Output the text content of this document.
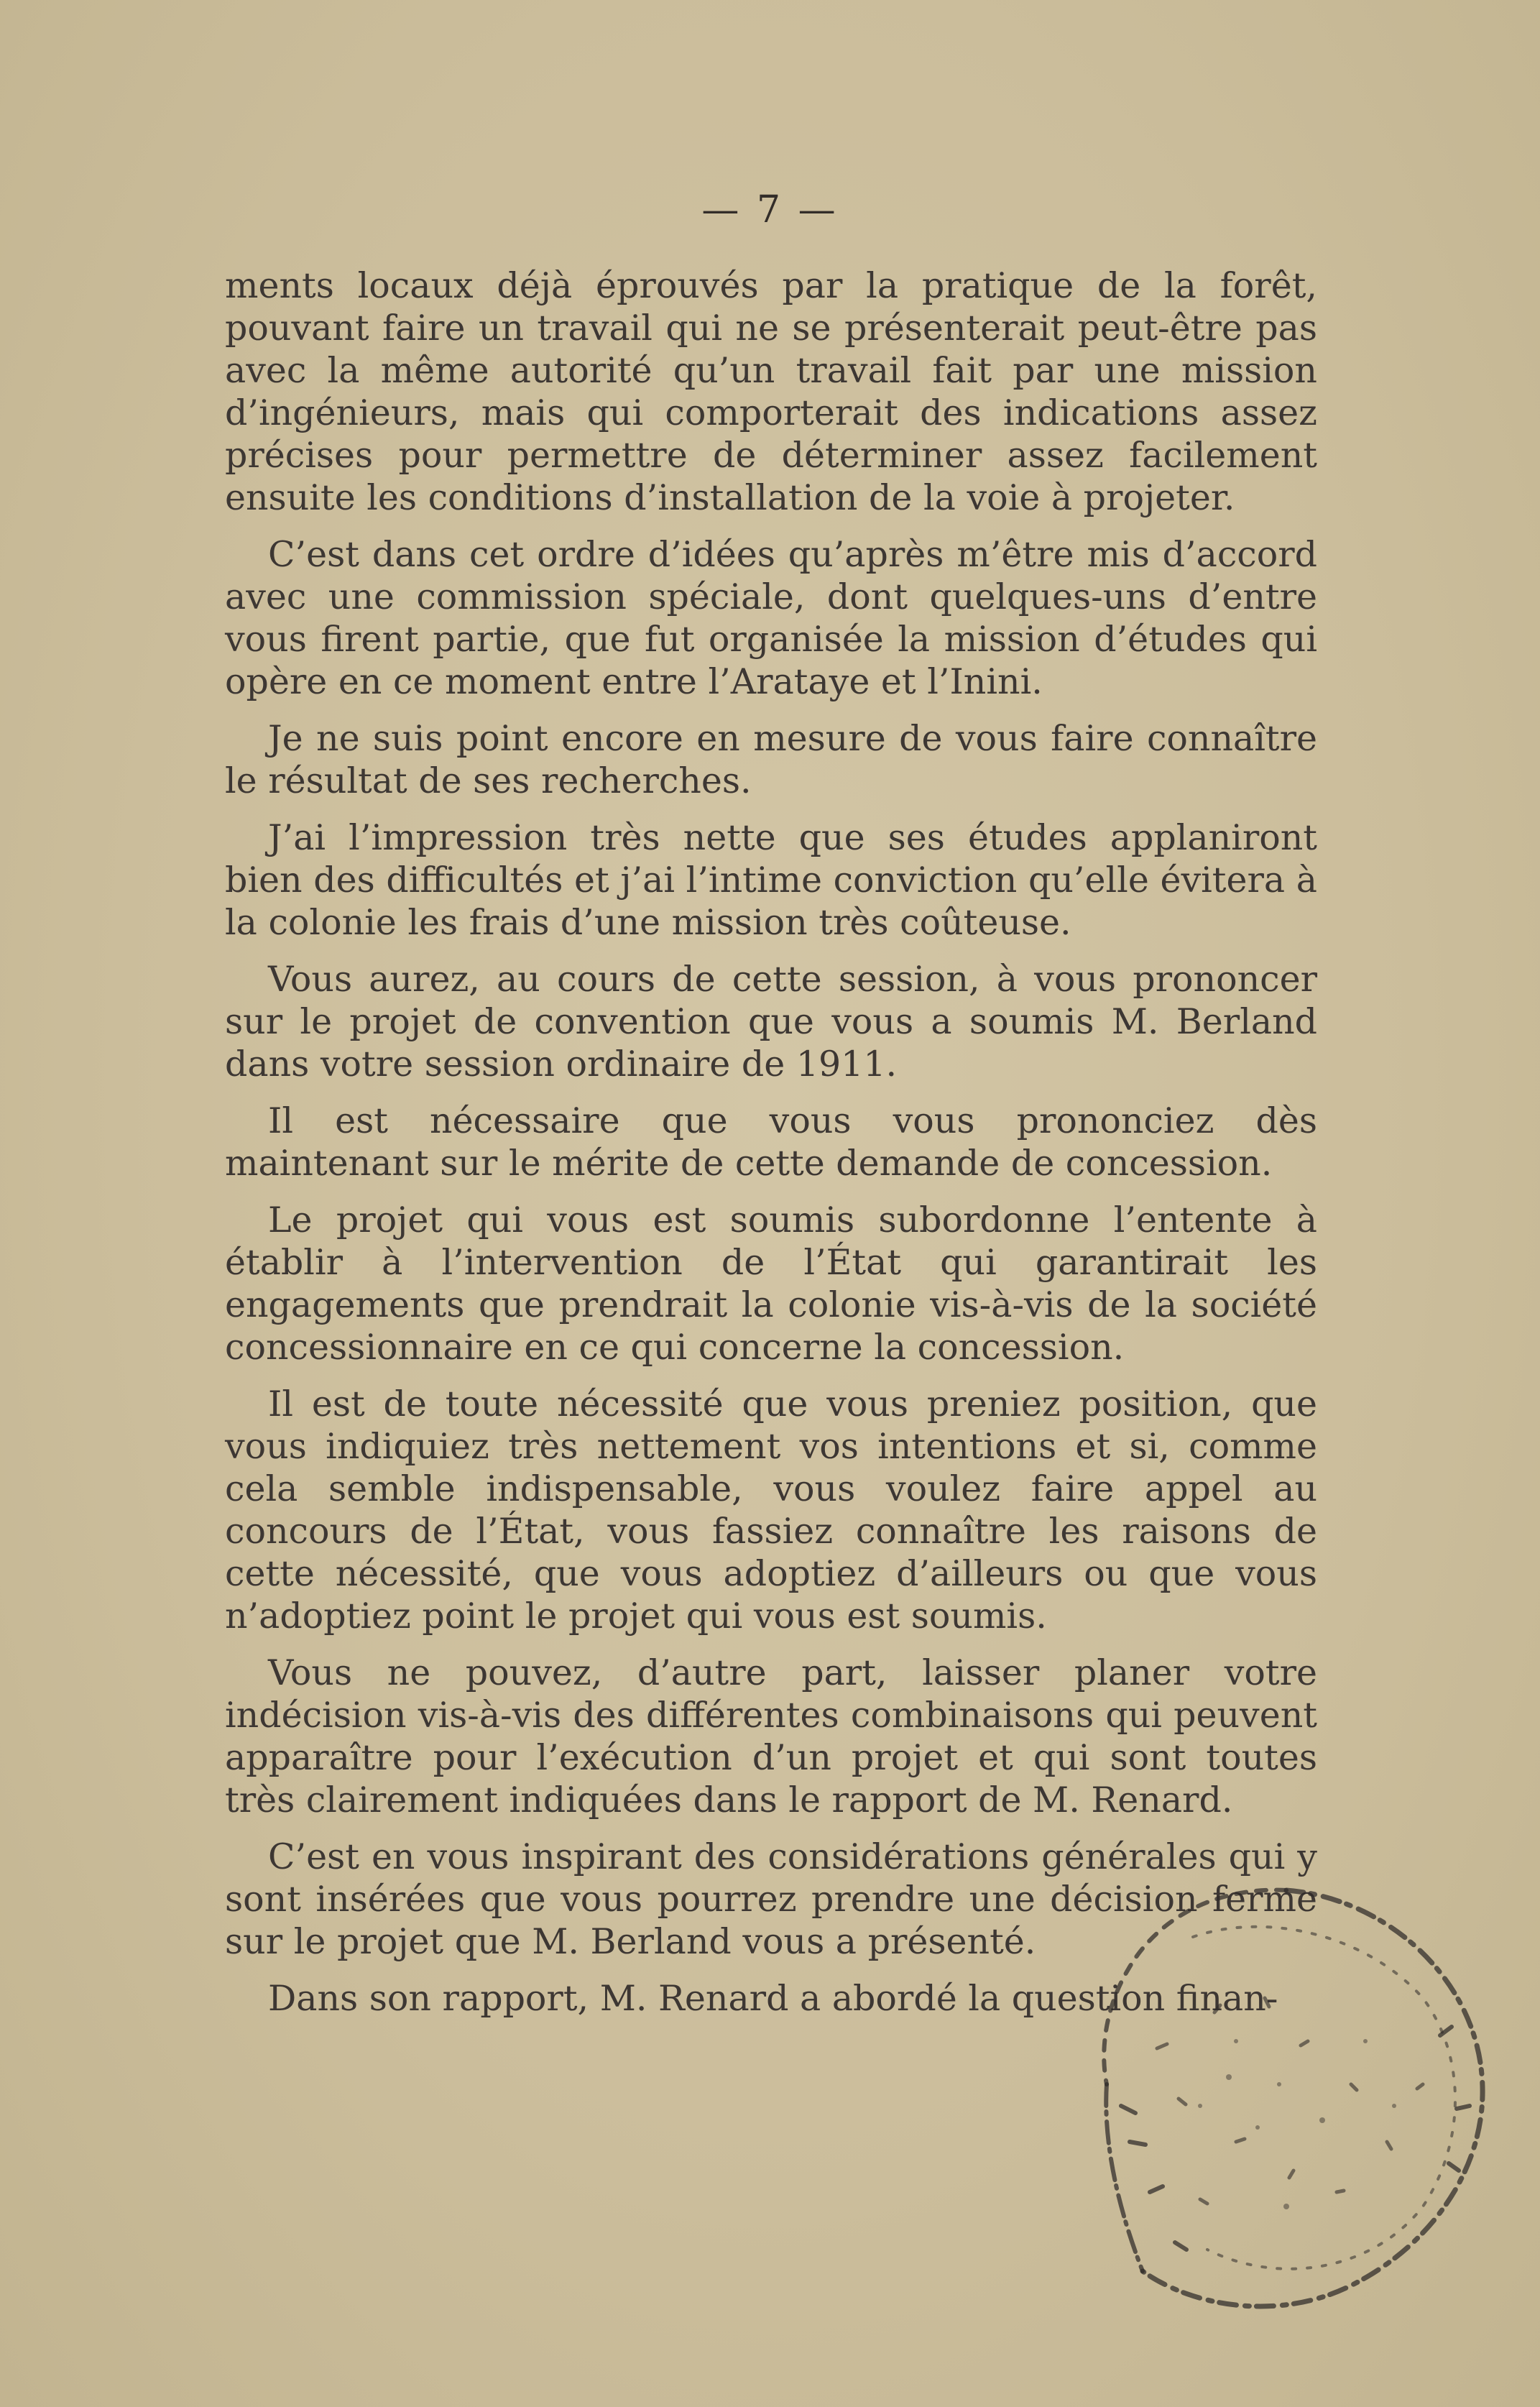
— 7 —

ments locaux déjà éprouvés par la pratique de la forêt, pouvant faire un travail qui ne se présenterait peut-être pas avec la même autorité qu’un travail fait par une mission d’ingénieurs, mais qui comporterait des indications assez précises pour permettre de déterminer assez facilement ensuite les conditions d’installation de la voie à projeter.

C’est dans cet ordre d’idées qu’après m’être mis d’accord avec une commission spéciale, dont quelques-uns d’entre vous firent partie, que fut organisée la mission d’études qui opère en ce moment entre l’Arataye et l’Inini.

Je ne suis point encore en mesure de vous faire connaître le résultat de ses recherches.

J’ai l’impression très nette que ses études applaniront bien des difficultés et j’ai l’intime conviction qu’elle évitera à la colonie les frais d’une mission très coûteuse.

Vous aurez, au cours de cette session, à vous prononcer sur le projet de convention que vous a soumis M. Berland dans votre session ordinaire de 1911.

Il est nécessaire que vous vous prononciez dès maintenant sur le mérite de cette demande de concession.

Le projet qui vous est soumis subordonne l’entente à établir à l’intervention de l’État qui garantirait les engagements que prendrait la colonie vis-à-vis de la société concessionnaire en ce qui concerne la concession.

Il est de toute nécessité que vous preniez position, que vous indiquiez très nettement vos intentions et si, comme cela semble indispensable, vous voulez faire appel au concours de l’État, vous fassiez connaître les raisons de cette nécessité, que vous adoptiez d’ailleurs ou que vous n’adoptiez point le projet qui vous est soumis.

Vous ne pouvez, d’autre part, laisser planer votre indécision vis-à-vis des différentes combinaisons qui peuvent apparaître pour l’exécution d’un projet et qui sont toutes très clairement indiquées dans le rapport de M. Renard.

C’est en vous inspirant des considérations générales qui y sont insérées que vous pourrez prendre une décision ferme sur le projet que M. Berland vous a présenté.

Dans son rapport, M. Renard a abordé la question finan-
